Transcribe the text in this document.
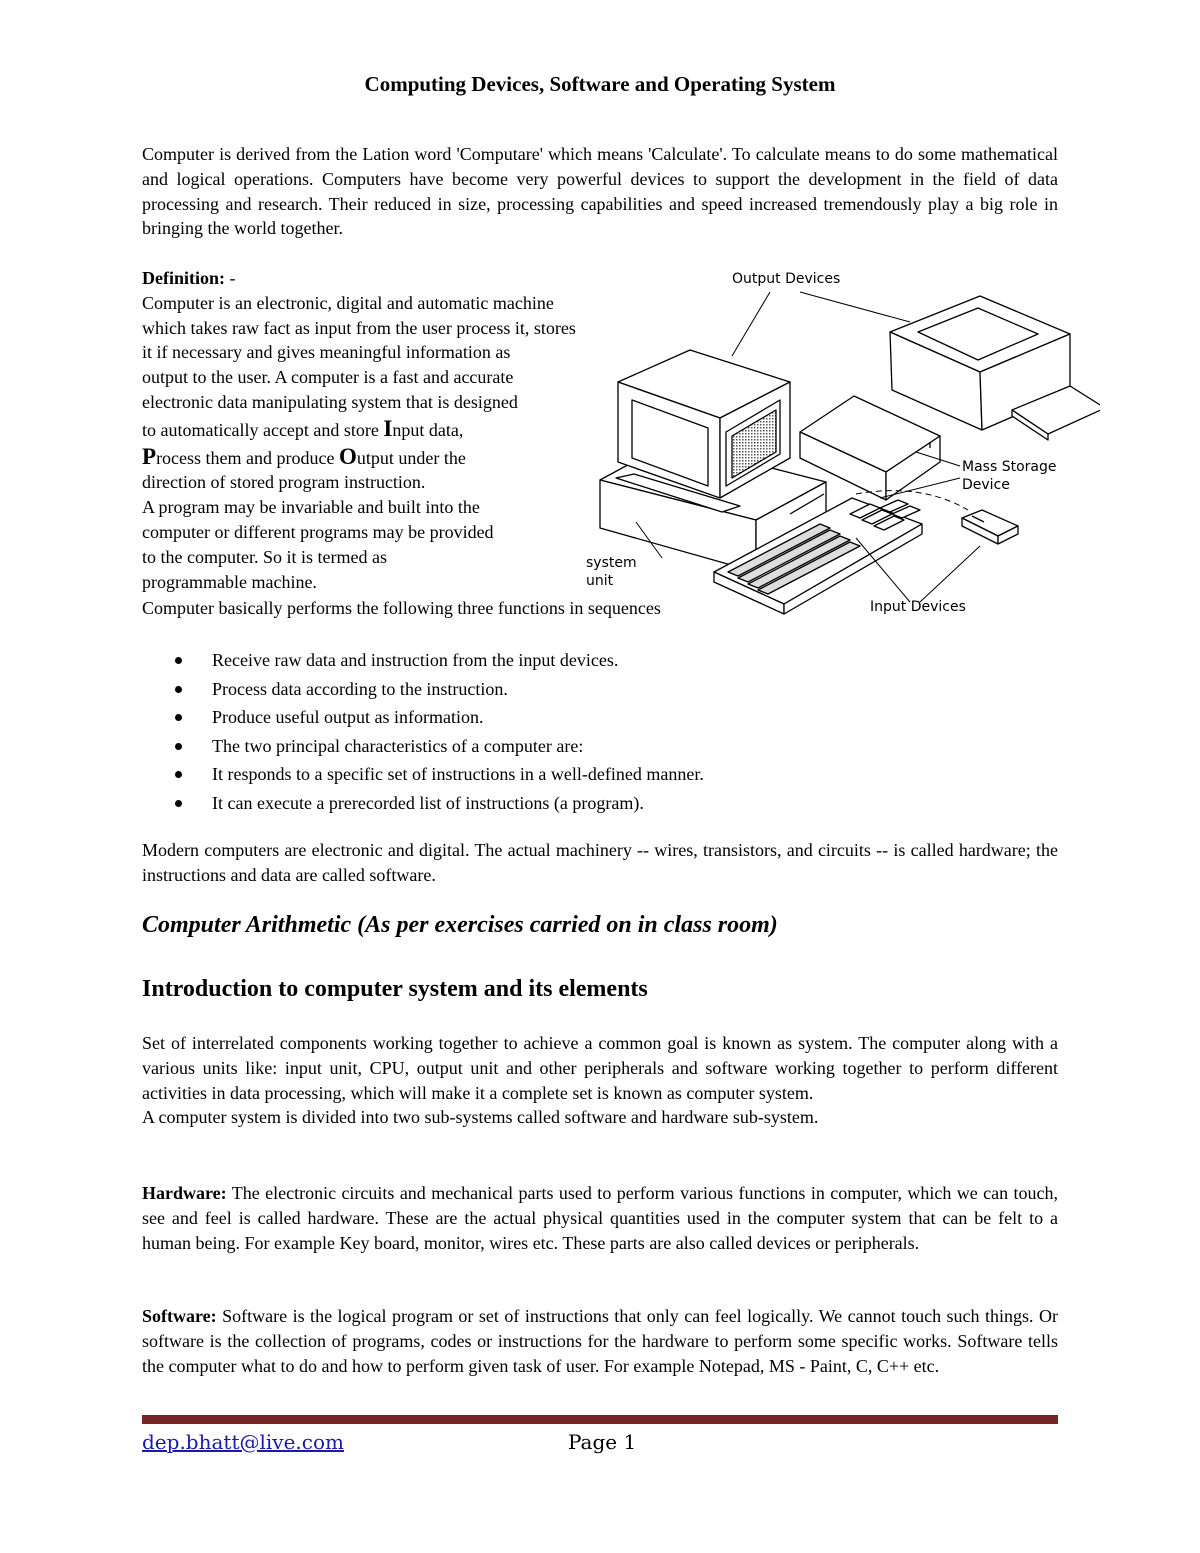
Computing Devices, Software and Operating System

Computer is derived from the Lation word 'Computare' which means 'Calculate'. To calculate means to do some mathematical and logical operations. Computers have become very powerful devices to support the development in the field of data processing and research. Their reduced in size, processing capabilities and speed increased tremendously play a big role in bringing the world together.

Definition: -
Computer is an electronic, digital and automatic machine
which takes raw fact as input from the user process it, stores
it if necessary and gives meaningful information as
output to the user. A computer is a fast and accurate
electronic data manipulating system that is designed
to automatically accept and store Input data,
Process them and produce Output under the
direction of stored program instruction.
A program may be invariable and built into the
computer or different programs may be provided
to the computer. So it is termed as
programmable machine.
Computer basically performs the following three functions in sequences
Receive raw data and instruction from the input devices.
Process data according to the instruction.
Produce useful output as information.
The two principal characteristics of a computer are:
It responds to a specific set of instructions in a well-defined manner.
It can execute a prerecorded list of instructions (a program).

Modern computers are electronic and digital. The actual machinery -- wires, transistors, and circuits -- is called hardware; the instructions and data are called software.

Computer Arithmetic (As per exercises carried on in class room)
Introduction to computer system and its elements
Set of interrelated components working together to achieve a common goal is known as system. The computer along with a various units like: input unit, CPU, output unit and other peripherals and software working together to perform different activities in data processing, which will make it a complete set is known as computer system.
A computer system is divided into two sub-systems called software and hardware sub-system.

Hardware: The electronic circuits and mechanical parts used to perform various functions in computer, which we can touch, see and feel is called hardware. These are the actual physical quantities used in the computer system that can be felt to a human being. For example Key board, monitor, wires etc. These parts are also called devices or peripherals.

Software: Software is the logical program or set of instructions that only can feel logically. We cannot touch such things. Or software is the collection of programs, codes or instructions for the hardware to perform some specific works. Software tells the computer what to do and how to perform given task of user. For example Notepad, MS - Paint, C, C++ etc.

dep.bhatt@live.com	Page 1
Output Devices
Mass Storage
Device
system
unit
Input Devices
